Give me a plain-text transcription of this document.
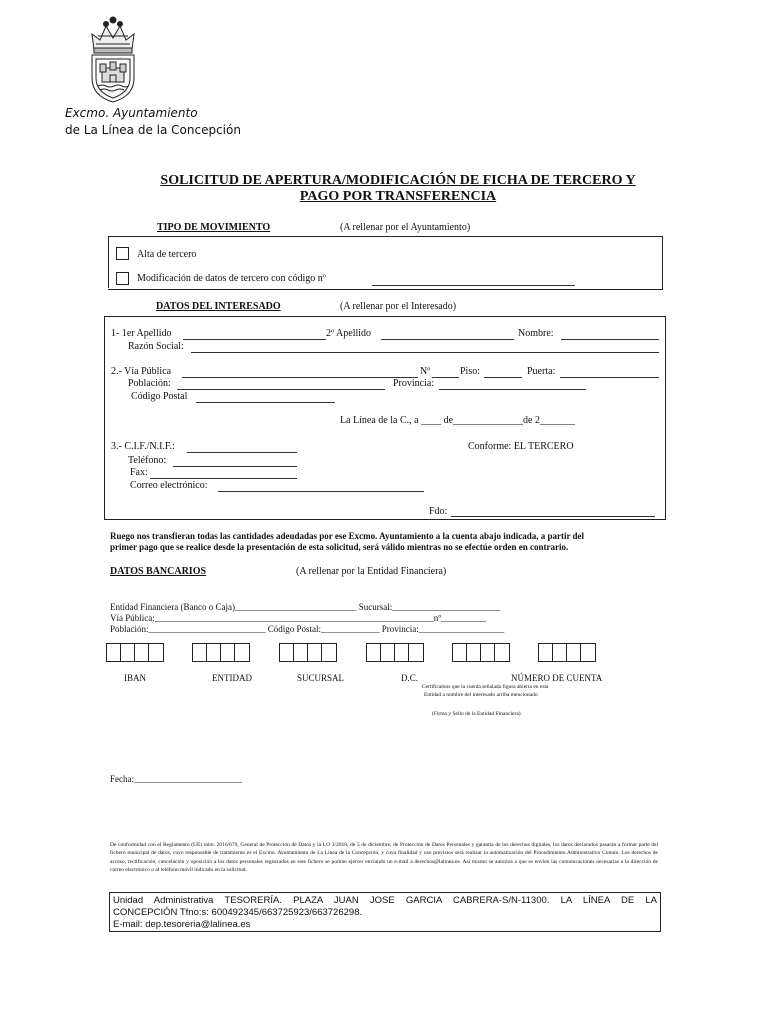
Excmo. Ayuntamiento
de La Línea de la Concepción
SOLICITUD DE APERTURA/MODIFICACIÓN DE FICHA DE TERCERO Y
PAGO POR TRANSFERENCIA
TIPO DE MOVIMIENTO	(A rellenar por el Ayuntamiento)
Alta de tercero
Modificación de datos de tercero con código nº
DATOS DEL INTERESADO	(A rellenar por el Interesado)
1- 1er Apellido	2º Apellido	Nombre:
Razón Social:
2.- Vía Pública	Nº	Piso:	Puerta:
Población:	Provincia:
Código Postal
La Línea de la C., a ____ de______________de 2_______
3.- C.I.F./N.I.F.:	Conforme: EL TERCERO
Teléfono:
Fax:
Correo electrónico:
Fdo:
Ruego nos transfieran todas las cantidades adeudadas por ese Excmo. Ayuntamiento a la cuenta abajo indicada, a partir del
primer pago que se realice desde la presentación de esta solicitud, será válido mientras no se efectúe orden en contrario.
DATOS BANCARIOS	(A rellenar por la Entidad Financiera)
Entidad Financiera (Banco o Caja)___________________________ Sucursal:________________________
Vía Pública:______________________________________________________________nº__________
Población:__________________________ Código Postal:_____________ Provincia:___________________
IBAN	ENTIDAD	SUCURSAL	D.C.	NÚMERO DE CUENTA
Certificamos que la cuenta señalada figura abierta en esta
Entidad a nombre del interesado arriba mencionado
(Firma y Sello de la Entidad Financiera)
Fecha:________________________
De conformidad con el Reglamento (UE) núm. 2016/679, General de Protección de Datos y la LO 3/2018, de 5 de diciembre, de Protección de Datos Personales y garantía de los derechos digitales, los datos declarados pasarán a formar parte del fichero municipal de datos, cuyo responsable de tratamiento es el Excmo. Ayuntamiento de La Línea de la Concepción, y cuya finalidad y uso previstos será realizar la automatización del Procedimiento Administrativo Común. Los derechos de acceso, rectificación, cancelación y oposición a los datos personales registrados en este fichero se podrán ejercer enviando un e-mail a derechos@lalinea.es. Así mismo se autoriza a que se envíen las comunicaciones necesarias a la dirección de correo electrónico o al teléfono móvil indicado en la solicitud.
Unidad Administrativa TESORERÍA. PLAZA JUAN JOSE GARCIA CABRERA-S/N-11300. LA LÍNEA DE LA
CONCEPCIÓN Tfno:s: 600492345/663725923/663726298.
E-mail: dep.tesoreria@lalinea.es
